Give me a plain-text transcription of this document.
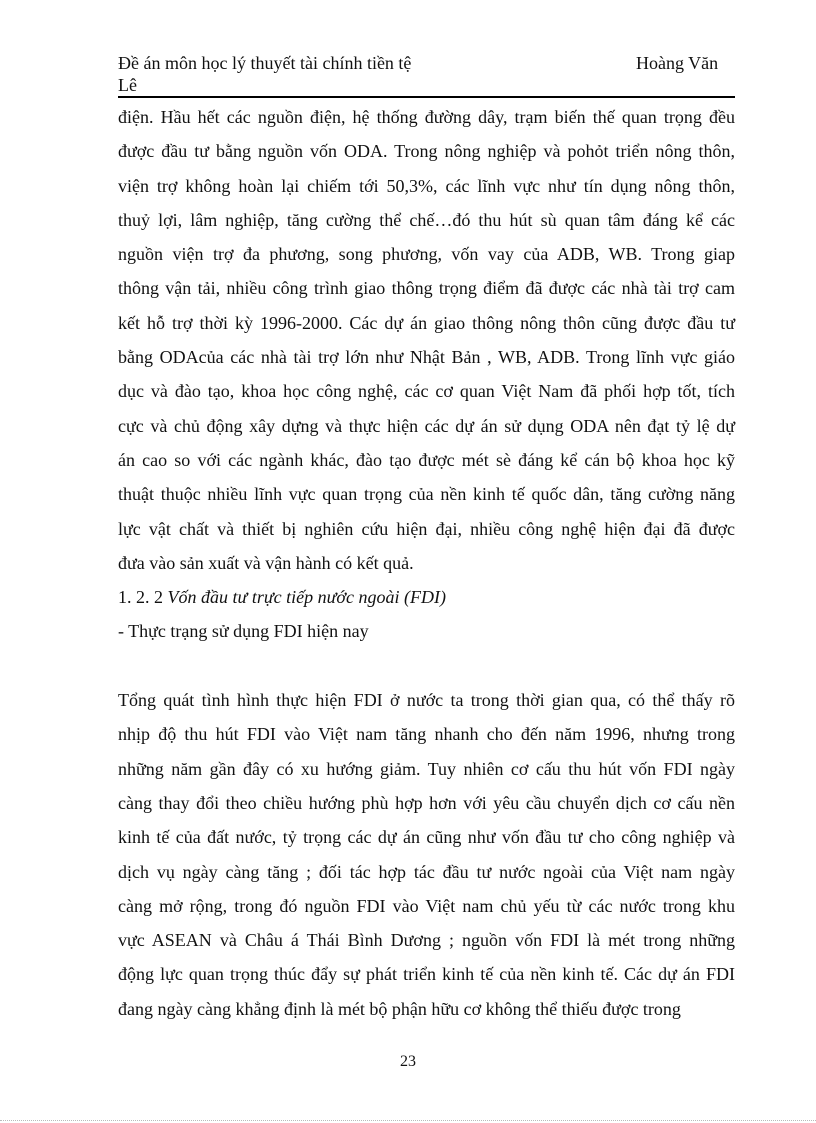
Đề án môn học lý thuyết tài chính tiền tệ	Hoàng Văn
Lê
điện. Hầu hết các nguồn điện, hệ thống đường dây, trạm biến thế quan trọng đều
được đầu tư bằng nguồn vốn ODA. Trong nông nghiệp và pohỏt triển nông thôn,
viện trợ không hoàn lại chiếm tới 50,3%, các lĩnh vực như tín dụng nông thôn,
thuỷ lợi, lâm nghiệp, tăng cường thể chế…đó thu hút sù quan tâm đáng kể các
nguồn viện trợ đa phương, song phương, vốn vay của ADB, WB. Trong giap
thông vận tải, nhiều công trình giao thông trọng điểm đã được các nhà tài trợ cam
kết hỗ trợ thời kỳ 1996-2000. Các dự án giao thông nông thôn cũng được đầu tư
bằng ODAcủa các nhà tài trợ lớn như Nhật Bản , WB, ADB. Trong lĩnh vực giáo
dục và đào tạo, khoa học công nghệ, các cơ quan Việt Nam đã phối hợp tốt, tích
cực và chủ động xây dựng và thực hiện các dự án sử dụng ODA nên đạt tỷ lệ dự
án cao so với các ngành khác, đào tạo được mét sè đáng kể cán bộ khoa học kỹ
thuật thuộc nhiều lĩnh vực quan trọng của nền kinh tế quốc dân, tăng cường năng
lực vật chất và thiết bị nghiên cứu hiện đại, nhiều công nghệ hiện đại đã được
đưa vào sản xuất và vận hành có kết quả.
1. 2. 2 Vốn đầu tư trực tiếp nước ngoài (FDI)
- Thực trạng sử dụng FDI hiện nay
Tổng quát tình hình thực hiện FDI ở nước ta trong thời gian qua, có thể thấy rõ
nhịp độ thu hút FDI vào Việt nam tăng nhanh cho đến năm 1996, nhưng trong
những năm gần đây có xu hướng giảm. Tuy nhiên cơ cấu thu hút vốn FDI ngày
càng thay đổi theo chiều hướng phù hợp hơn với yêu cầu chuyển dịch cơ cấu nền
kinh tế của đất nước, tỷ trọng các dự án cũng như vốn đầu tư cho công nghiệp và
dịch vụ ngày càng tăng ; đối tác hợp tác đầu tư nước ngoài của Việt nam ngày
càng mở rộng, trong đó nguồn FDI vào Việt nam chủ yếu từ các nước trong khu
vực ASEAN và Châu á Thái Bình Dương ; nguồn vốn FDI là mét trong những
động lực quan trọng thúc đẩy sự phát triển kinh tế của nền kinh tế. Các dự án FDI
đang ngày càng khẳng định là mét bộ phận hữu cơ không thể thiếu được trong
23
